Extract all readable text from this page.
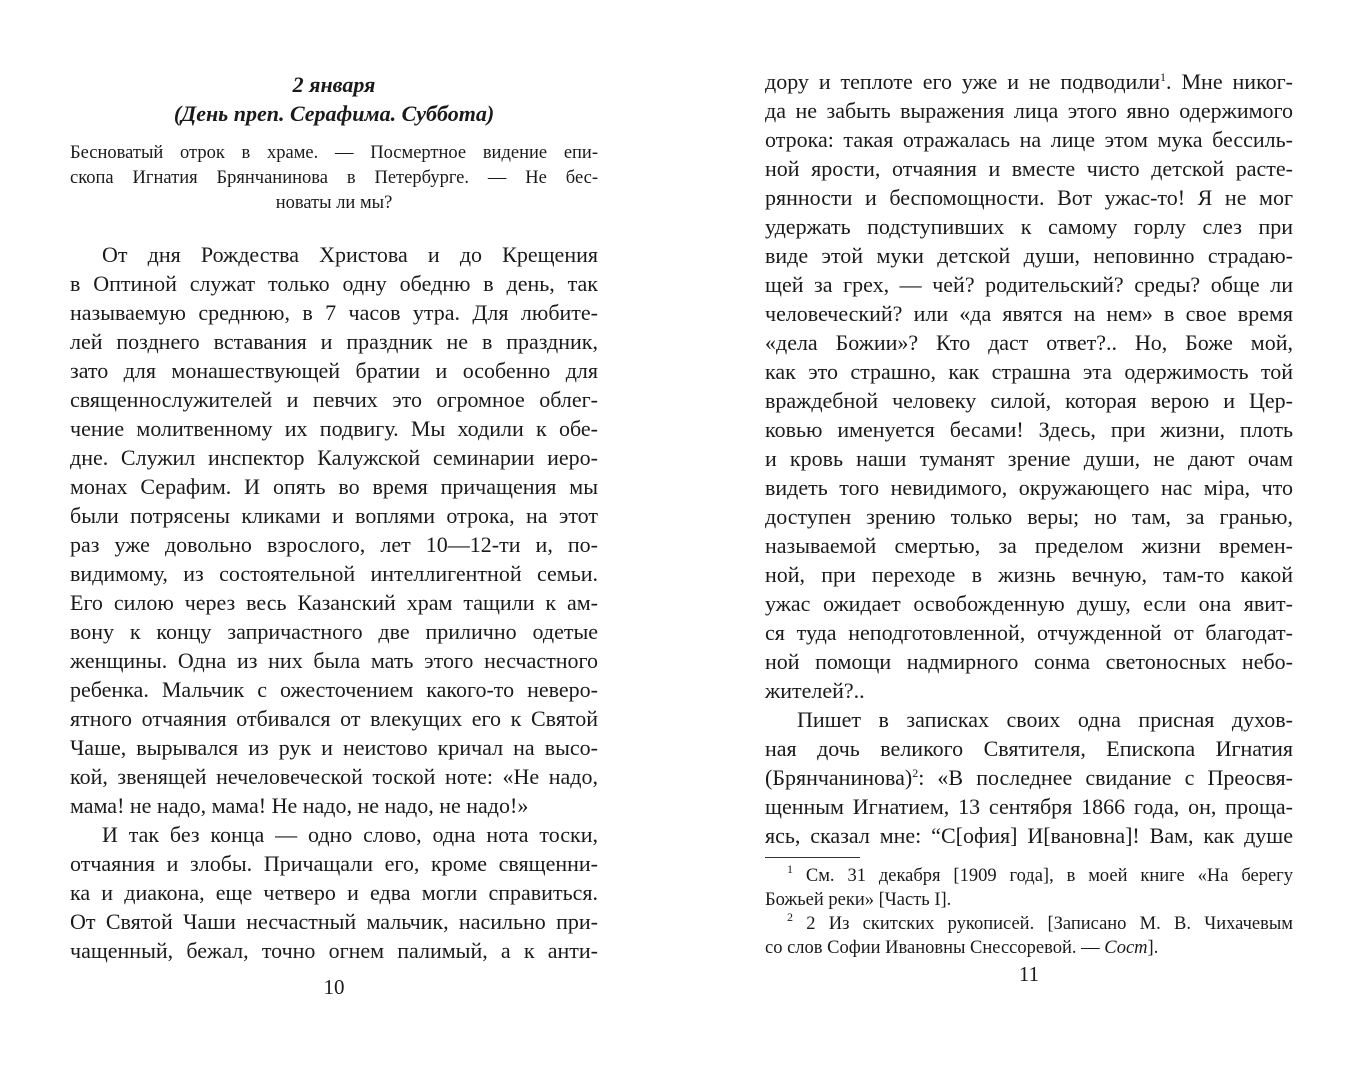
2 января
(День преп. Серафима. Суббота)
Бесноватый отрок в храме. — Посмертное видение епи-
скопа Игнатия Брянчанинова в Петербурге. — Не бес-
новаты ли мы?
От дня Рождества Христова и до Крещения
в Оптиной служат только одну обедню в день, так
называемую среднюю, в 7 часов утра. Для любите-
лей позднего вставания и праздник не в праздник,
зато для монашествующей братии и особенно для
священнослужителей и певчих это огромное облег-
чение молитвенному их подвигу. Мы ходили к обе-
дне. Служил инспектор Калужской семинарии иеро-
монах Серафим. И опять во время причащения мы
были потрясены кликами и воплями отрока, на этот
раз уже довольно взрослого, лет 10—12-ти и, по-
видимому, из состоятельной интеллигентной семьи.
Его силою через весь Казанский храм тащили к ам-
вону к концу запричастного две прилично одетые
женщины. Одна из них была мать этого несчастного
ребенка. Мальчик с ожесточением какого-то неверо-
ятного отчаяния отбивался от влекущих его к Святой
Чаше, вырывался из рук и неистово кричал на высо-
кой, звенящей нечеловеческой тоской ноте: «Не надо,
мама! не надо, мама! Не надо, не надо, не надо!»
И так без конца — одно слово, одна нота тоски,
отчаяния и злобы. Причащали его, кроме священни-
ка и диакона, еще четверо и едва могли справиться.
От Святой Чаши несчастный мальчик, насильно при-
чащенный, бежал, точно огнем палимый, а к анти-
10
дору и теплоте его уже и не подводили$^1$. Мне никог-
да не забыть выражения лица этого явно одержимого
отрока: такая отражалась на лице этом мука бессиль-
ной ярости, отчаяния и вместе чисто детской расте-
рянности и беспомощности. Вот ужас-то! Я не мог
удержать подступивших к самому горлу слез при
виде этой муки детской души, неповинно страдаю-
щей за грех, — чей? родительский? среды? обще ли
человеческий? или «да явятся на нем» в свое время
«дела Божии»? Кто даст ответ?.. Но, Боже мой,
как это страшно, как страшна эта одержимость той
враждебной человеку силой, которая верою и Цер-
ковью именуется бесами! Здесь, при жизни, плоть
и кровь наши туманят зрение души, не дают очам
видеть того невидимого, окружающего нас міра, что
доступен зрению только веры; но там, за гранью,
называемой смертью, за пределом жизни времен-
ной, при переходе в жизнь вечную, там-то какой
ужас ожидает освобожденную душу, если она явит-
ся туда неподготовленной, отчужденной от благодат-
ной помощи надмирного сонма светоносных небо-
жителей?..
Пишет в записках своих одна присная духов-
ная дочь великого Святителя, Епископа Игнатия
(Брянчанинова)$^2$: «В последнее свидание с Преосвя-
щенным Игнатием, 13 сентября 1866 года, он, проща-
ясь, сказал мне: “С[офия] И[вановна]! Вам, как душе
$^1$ См. 31 декабря [1909 года], в моей книге «На берегу
Божьей реки» [Часть I].
$^2$ 2 Из скитских рукописей. [Записано М. В. Чихачевым
со слов Софии Ивановны Снессоревой. — Сост].
11
